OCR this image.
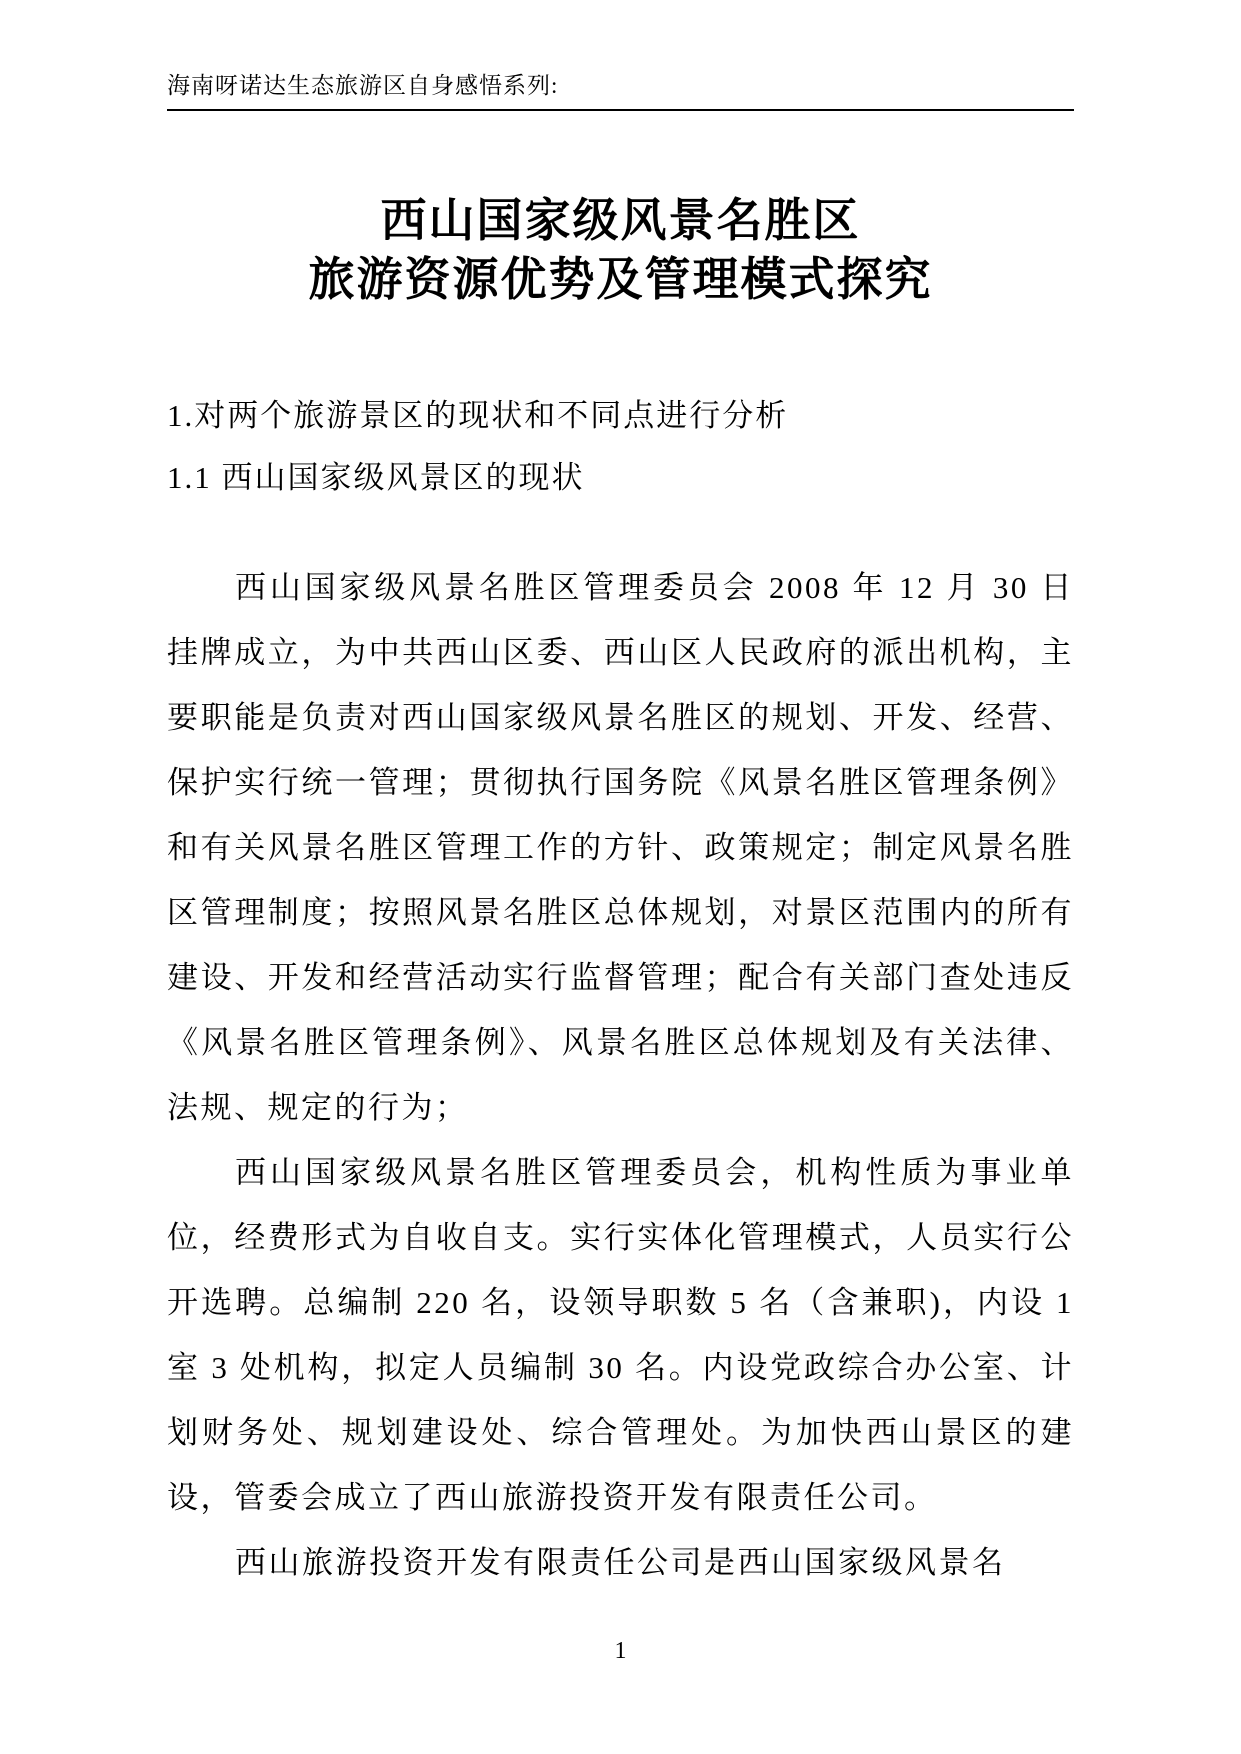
海南呀诺达生态旅游区自身感悟系列:
西山国家级风景名胜区
旅游资源优势及管理模式探究
1.对两个旅游景区的现状和不同点进行分析
1.1 西山国家级风景区的现状

西山国家级风景名胜区管理委员会 2008 年 12 月 30 日挂牌成立，为中共西山区委、西山区人民政府的派出机构，主要职能是负责对西山国家级风景名胜区的规划、开发、经营、保护实行统一管理；贯彻执行国务院《风景名胜区管理条例》和有关风景名胜区管理工作的方针、政策规定；制定风景名胜区管理制度；按照风景名胜区总体规划，对景区范围内的所有建设、开发和经营活动实行监督管理；配合有关部门查处违反《风景名胜区管理条例》、风景名胜区总体规划及有关法律、法规、规定的行为；

西山国家级风景名胜区管理委员会，机构性质为事业单位，经费形式为自收自支。实行实体化管理模式，人员实行公开选聘。总编制 220 名，设领导职数 5 名（含兼职)，内设 1 室 3 处机构，拟定人员编制 30 名。内设党政综合办公室、计划财务处、规划建设处、综合管理处。为加快西山景区的建设，管委会成立了西山旅游投资开发有限责任公司。

西山旅游投资开发有限责任公司是西山国家级风景名

1
